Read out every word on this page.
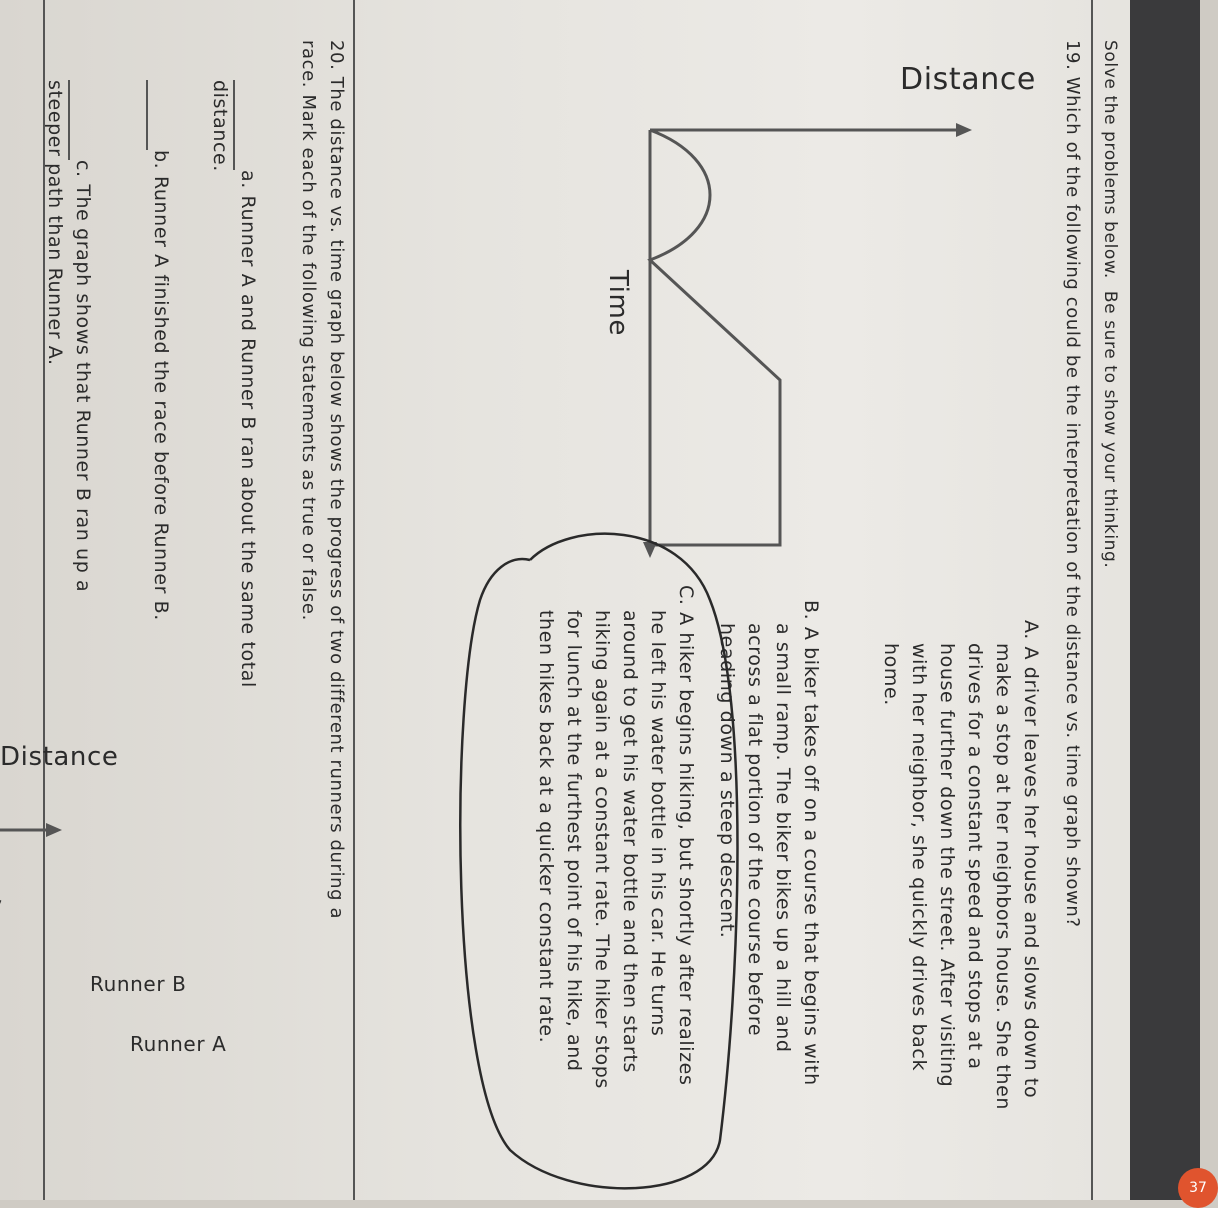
Solve the problems below.  Be sure to show your thinking.
19. Which of the following could be the interpretation of the distance vs. time graph shown?
Distance
Time
A. A driver leaves her house and slows down to
make a stop at her neighbors house. She then
drives for a constant speed and stops at a
house further down the street. After visiting
with her neighbor, she quickly drives back
home.
B. A biker takes off on a course that begins with
a small ramp. The biker bikes up a hill and
across a flat portion of the course before
heading down a steep descent.
C. A hiker begins hiking, but shortly after realizes
he left his water bottle in his car. He turns
around to get his water bottle and then starts
hiking again at a constant rate. The hiker stops
for lunch at the furthest point of his hike, and
then hikes back at a quicker constant rate.
20. The distance vs. time graph below shows the progress of two different runners during a
race. Mark each of the following statements as true or false.
a. Runner A and Runner B ran about the same total
distance.
b. Runner A finished the race before Runner B.
c. The graph shows that Runner B ran up a
steeper path than Runner A.
Distance
Runner B
Runner A
37
